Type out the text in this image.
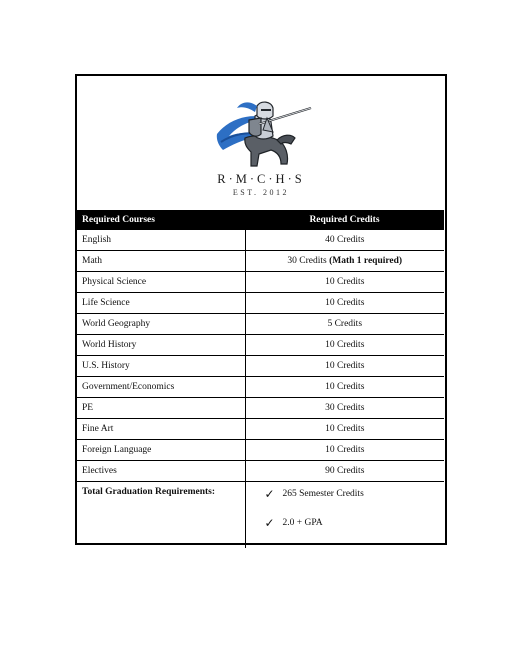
R·M·C·H·S
EST. 2012
Required Courses	Required Credits
English	40 Credits
Math	30 Credits (Math 1 required)
Physical Science	10 Credits
Life Science	10 Credits
World Geography	5 Credits
World History	10 Credits
U.S. History	10 Credits
Government/Economics	10 Credits
PE	30 Credits
Fine Art	10 Credits
Foreign Language	10 Credits
Electives	90 Credits
Total Graduation Requirements:	✓ 265 Semester Credits
✓ 2.0 + GPA
